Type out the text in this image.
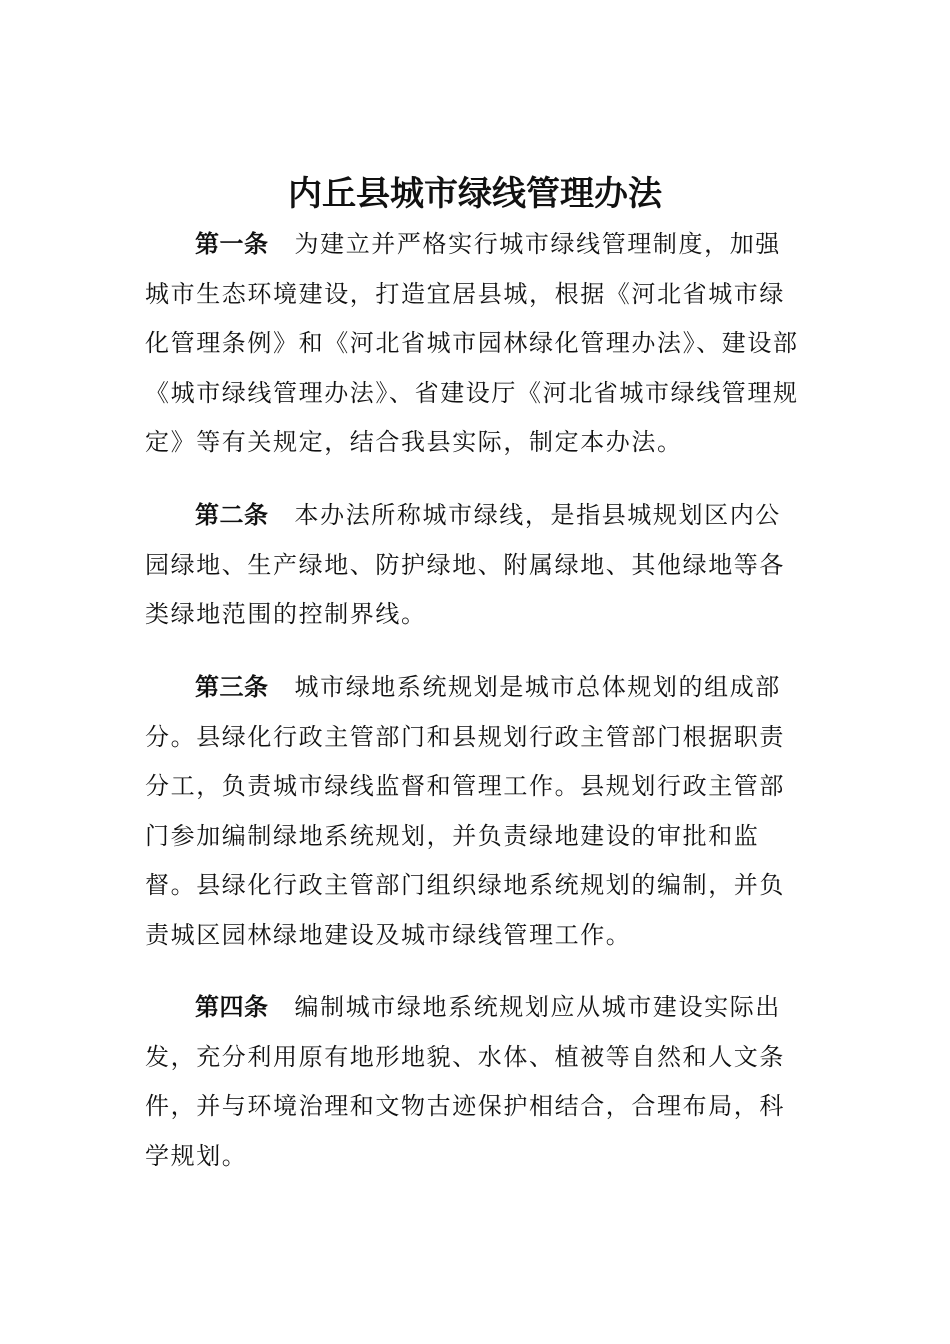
内丘县城市绿线管理办法

第一条 为建立并严格实行城市绿线管理制度，加强城市生态环境建设，打造宜居县城，根据《河北省城市绿化管理条例》和《河北省城市园林绿化管理办法》、建设部《城市绿线管理办法》、省建设厅《河北省城市绿线管理规定》等有关规定，结合我县实际，制定本办法。

第二条 本办法所称城市绿线，是指县城规划区内公园绿地、生产绿地、防护绿地、附属绿地、其他绿地等各类绿地范围的控制界线。

第三条 城市绿地系统规划是城市总体规划的组成部分。县绿化行政主管部门和县规划行政主管部门根据职责分工，负责城市绿线监督和管理工作。县规划行政主管部门参加编制绿地系统规划，并负责绿地建设的审批和监督。县绿化行政主管部门组织绿地系统规划的编制，并负责城区园林绿地建设及城市绿线管理工作。

第四条 编制城市绿地系统规划应从城市建设实际出发，充分利用原有地形地貌、水体、植被等自然和人文条件，并与环境治理和文物古迹保护相结合，合理布局，科学规划。
